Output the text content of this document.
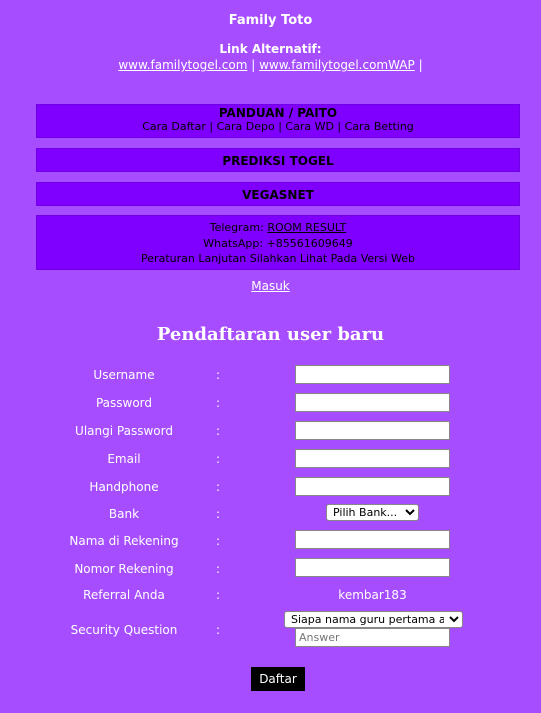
Family Toto
Link Alternatif:
www.familytogel.com | www.familytogel.comWAP |
PANDUAN / PAITO
Cara Daftar | Cara Depo | Cara WD | Cara Betting
PREDIKSI TOGEL
VEGASNET
Telegram: ROOM RESULT
WhatsApp: +85561609649
Peraturan Lanjutan Silahkan Lihat Pada Versi Web
Masuk
Pendaftaran user baru
Username	:
Password	:
Ulangi Password	:
Email	:
Handphone	:
Bank	:
Pilih Bank...
Nama di Rekening	:
Nomor Rekening	:
Referral Anda	:	kembar183
Security Question	:
Siapa nama guru pertama anda?
Answer
Daftar
